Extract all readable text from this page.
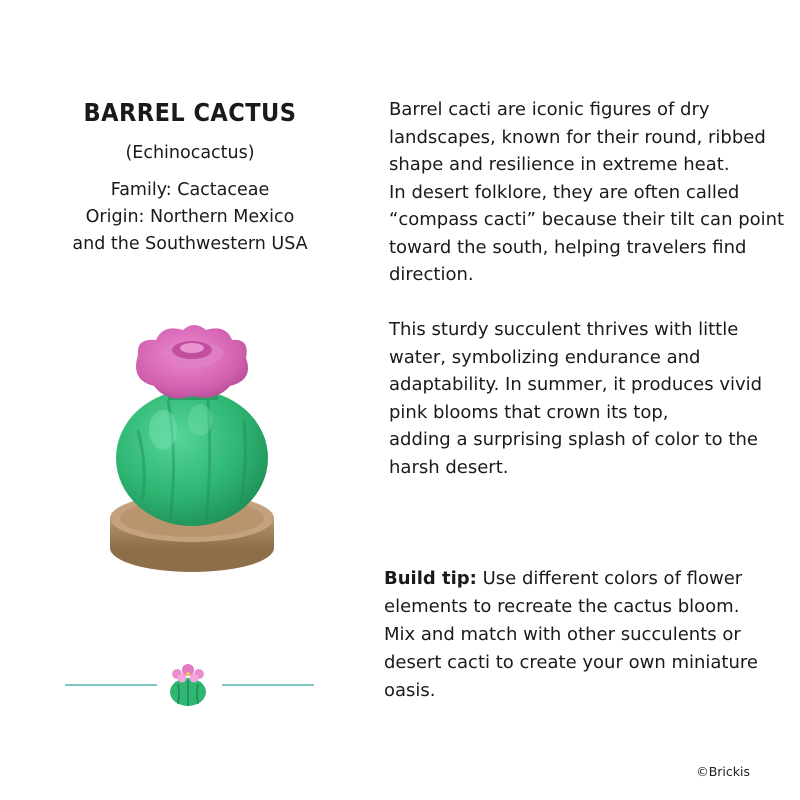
BARREL CACTUS
(Echinocactus)
Family: Cactaceae
Origin: Northern Mexico
and the Southwestern USA

Barrel cacti are iconic figures of dry

landscapes, known for their round, ribbed

shape and resilience in extreme heat.

In desert folklore, they are often called

“compass cacti” because their tilt can point

toward the south, helping travelers find

direction.

This sturdy succulent thrives with little

water, symbolizing endurance and

adaptability. In summer, it produces vivid

pink blooms that crown its top,

adding a surprising splash of color to the

harsh desert.

Build tip: Use different colors of flower
elements to recreate the cactus bloom.
Mix and match with other succulents or
desert cacti to create your own miniature
oasis.
©Brickis
